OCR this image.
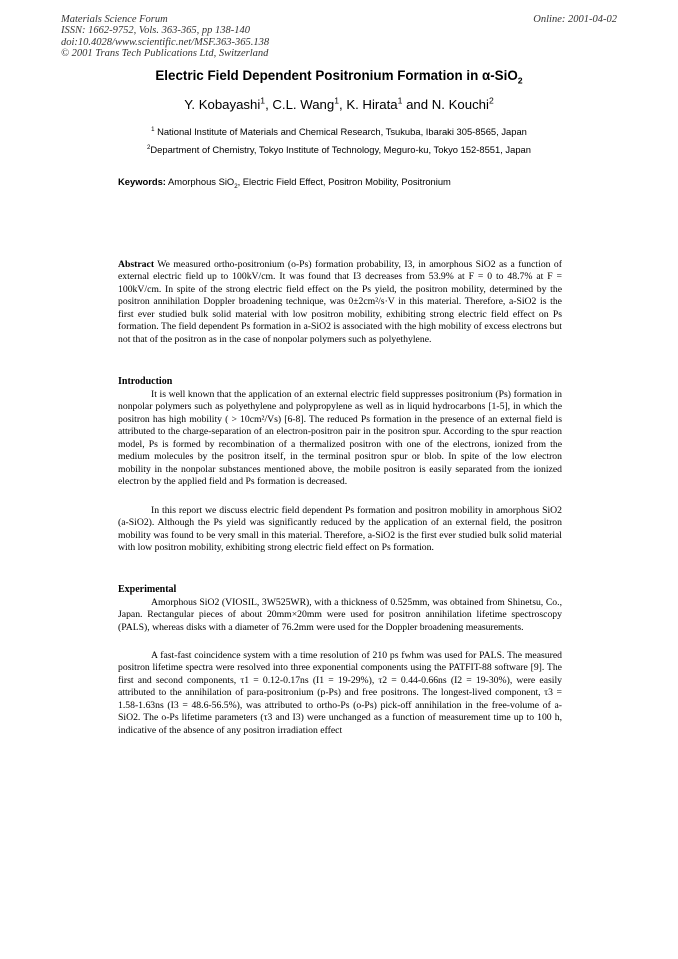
Materials Science Forum
ISSN: 1662-9752, Vols. 363-365, pp 138-140
doi:10.4028/www.scientific.net/MSF.363-365.138
© 2001 Trans Tech Publications Ltd, Switzerland
Online: 2001-04-02
Electric Field Dependent Positronium Formation in α-SiO$_2$
Y. Kobayashi$^1$, C.L. Wang$^1$, K. Hirata$^1$ and N. Kouchi$^2$
$^1$ National Institute of Materials and Chemical Research, Tsukuba, Ibaraki 305-8565, Japan
$^2$Department of Chemistry, Tokyo Institute of Technology, Meguro-ku, Tokyo 152-8551, Japan
Keywords: Amorphous SiO$_2$, Electric Field Effect, Positron Mobility, Positronium
Abstract We measured ortho-positronium (o-Ps) formation probability, I3, in amorphous SiO2 as a function of external electric field up to 100kV/cm. It was found that I3 decreases from 53.9% at F = 0 to 48.7% at F = 100kV/cm. In spite of the strong electric field effect on the Ps yield, the positron mobility, determined by the positron annihilation Doppler broadening technique, was 0±2cm²/s·V in this material. Therefore, a-SiO2 is the first ever studied bulk solid material with low positron mobility, exhibiting strong electric field effect on Ps formation. The field dependent Ps formation in a-SiO2 is associated with the high mobility of excess electrons but not that of the positron as in the case of nonpolar polymers such as polyethylene.
Introduction

It is well known that the application of an external electric field suppresses positronium (Ps) formation in nonpolar polymers such as polyethylene and polypropylene as well as in liquid hydrocarbons [1-5], in which the positron has high mobility ( > 10cm²/Vs) [6-8]. The reduced Ps formation in the presence of an external field is attributed to the charge-separation of an electron-positron pair in the positron spur. According to the spur reaction model, Ps is formed by recombination of a thermalized positron with one of the electrons, ionized from the medium molecules by the positron itself, in the terminal positron spur or blob. In spite of the low electron mobility in the nonpolar substances mentioned above, the mobile positron is easily separated from the ionized electron by the applied field and Ps formation is decreased.

In this report we discuss electric field dependent Ps formation and positron mobility in amorphous SiO2 (a-SiO2). Although the Ps yield was significantly reduced by the application of an external field, the positron mobility was found to be very small in this material. Therefore, a-SiO2 is the first ever studied bulk solid material with low positron mobility, exhibiting strong electric field effect on Ps formation.

Experimental

Amorphous SiO2 (VIOSIL, 3W525WR), with a thickness of 0.525mm, was obtained from Shinetsu, Co., Japan. Rectangular pieces of about 20mm×20mm were used for positron annihilation lifetime spectroscopy (PALS), whereas disks with a diameter of 76.2mm were used for the Doppler broadening measurements.

A fast-fast coincidence system with a time resolution of 210 ps fwhm was used for PALS. The measured positron lifetime spectra were resolved into three exponential components using the PATFIT-88 software [9]. The first and second components, τ1 = 0.12-0.17ns (I1 = 19-29%), τ2 = 0.44-0.66ns (I2 = 19-30%), were easily attributed to the annihilation of para-positronium (p-Ps) and free positrons. The longest-lived component, τ3 = 1.58-1.63ns (I3 = 48.6-56.5%), was attributed to ortho-Ps (o-Ps) pick-off annihilation in the free-volume of a-SiO2. The o-Ps lifetime parameters (τ3 and I3) were unchanged as a function of measurement time up to 100 h, indicative of the absence of any positron irradiation effect
